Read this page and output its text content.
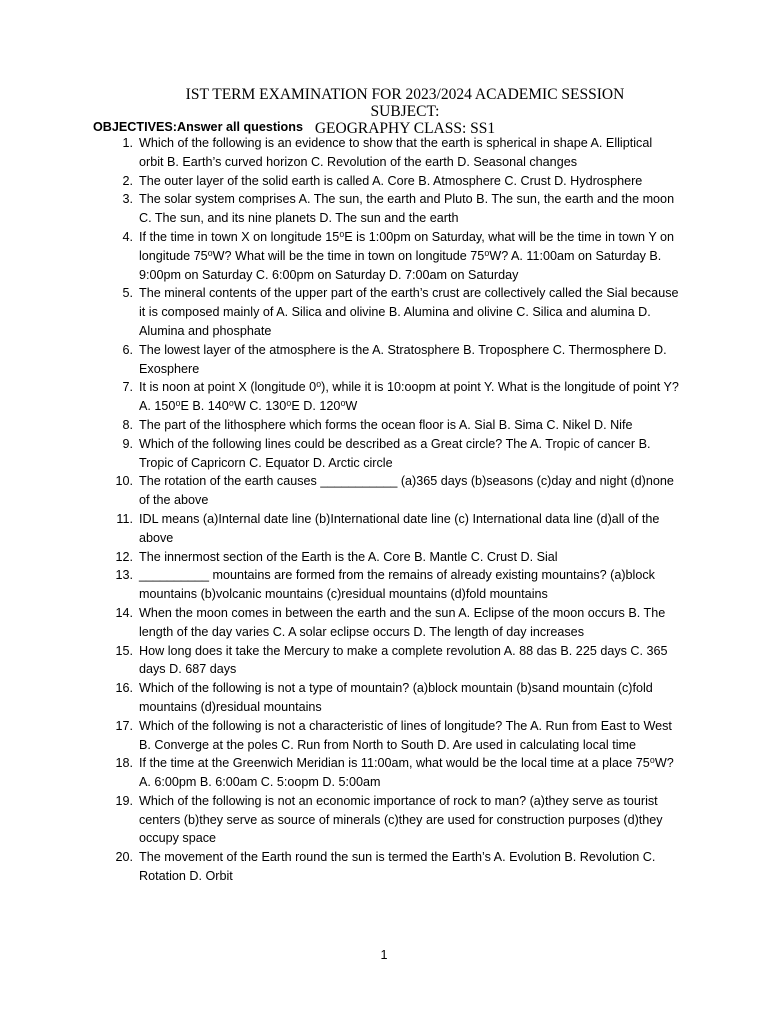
IST TERM EXAMINATION FOR 2023/2024 ACADEMIC SESSION SUBJECT:
GEOGRAPHY CLASS: SS1
OBJECTIVES:Answer all questions
1. Which of the following is an evidence to show that the earth is spherical in shape A. Elliptical orbit B. Earth’s curved horizon C. Revolution of the earth D. Seasonal changes
2. The outer layer of the solid earth is called A. Core B. Atmosphere C. Crust D. Hydrosphere
3. The solar system comprises A. The sun, the earth and Pluto B. The sun, the earth and the moon C. The sun, and its nine planets D. The sun and the earth
4. If the time in town X on longitude 15⁰E is 1:00pm on Saturday, what will be the time in town Y on longitude 75⁰W? What will be the time in town on longitude 75⁰W? A. 11:00am on Saturday B. 9:00pm on Saturday C. 6:00pm on Saturday D. 7:00am on Saturday
5. The mineral contents of the upper part of the earth’s crust are collectively called the Sial because it is composed mainly of A. Silica and olivine B. Alumina and olivine C. Silica and alumina D. Alumina and phosphate
6. The lowest layer of the atmosphere is the A. Stratosphere B. Troposphere C. Thermosphere D. Exosphere
7. It is noon at point X (longitude 0⁰), while it is 10:oopm at point Y. What is the longitude of point Y? A. 150⁰E B. 140⁰W C. 130⁰E D. 120⁰W
8. The part of the lithosphere which forms the ocean floor is A. Sial B. Sima C. Nikel D. Nife
9. Which of the following lines could be described as a Great circle? The A. Tropic of cancer B. Tropic of Capricorn C. Equator D. Arctic circle
10. The rotation of the earth causes ___________ (a)365 days (b)seasons (c)day and night (d)none of the above
11. IDL means (a)Internal date line (b)International date line (c) International data line (d)all of the above
12. The innermost section of the Earth is the A. Core B. Mantle C. Crust D. Sial
13. __________ mountains are formed from the remains of already existing mountains? (a)block mountains (b)volcanic mountains (c)residual mountains (d)fold mountains
14. When the moon comes in between the earth and the sun A. Eclipse of the moon occurs B. The length of the day varies C. A solar eclipse occurs D. The length of day increases
15. How long does it take the Mercury to make a complete revolution A. 88 das B. 225 days C. 365 days D. 687 days
16. Which of the following is not a type of mountain? (a)block mountain (b)sand mountain (c)fold mountains (d)residual mountains
17. Which of the following is not a characteristic of lines of longitude? The A. Run from East to West B. Converge at the poles C. Run from North to South D. Are used in calculating local time
18. If the time at the Greenwich Meridian is 11:00am, what would be the local time at a place 75⁰W? A. 6:00pm B. 6:00am C. 5:oopm D. 5:00am
19. Which of the following is not an economic importance of rock to man? (a)they serve as tourist centers (b)they serve as source of minerals (c)they are used for construction purposes (d)they occupy space
20. The movement of the Earth round the sun is termed the Earth’s A. Evolution B. Revolution C. Rotation D. Orbit
1
